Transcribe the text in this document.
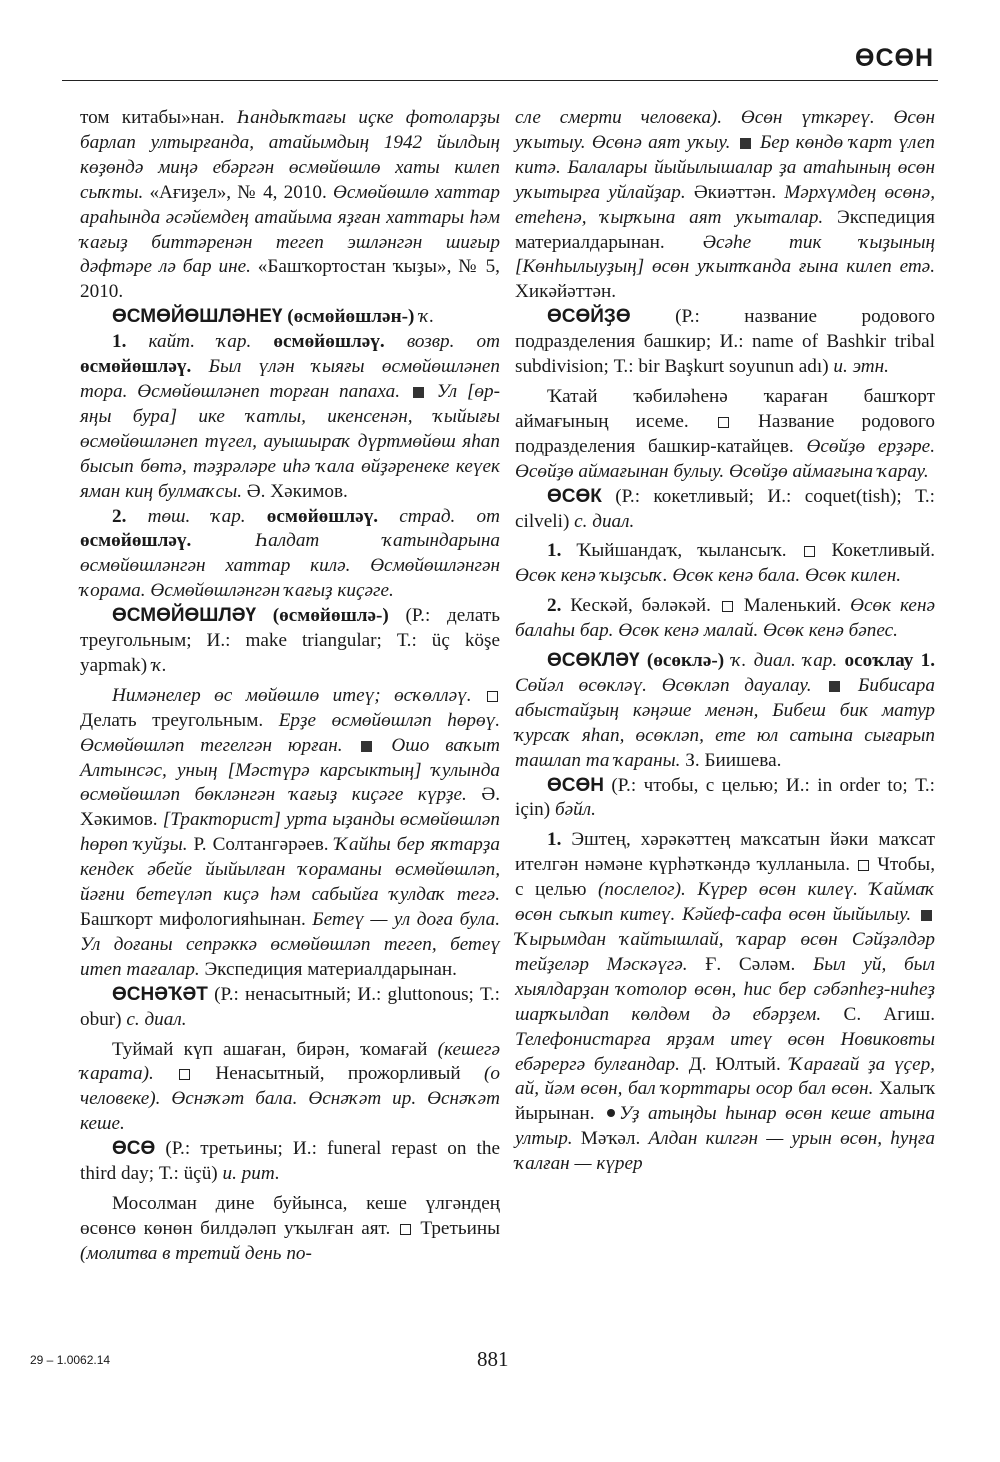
ӨСӨН

том китабы»нан. Һандыҡтағы иҫке фотоларҙы барлап ултырғанда, атайымдың 1942 йылдың көҙөндә миңә ебәргән өсмөйөшлө хаты килеп сыҡты. «Ағиҙел», № 4, 2010. Өсмөйөшлө хаттар араһында әсәйемдең атайыма яҙған хаттары һәм ҡағыҙ биттәренән тегеп эшләнгән шиғыр дәфтәре лә бар ине. «Башҡортостан ҡыҙы», № 5, 2010.

ӨСМӨЙӨШЛӘНЕҮ (өсмөйөшлән-) ҡ.

1. кайт. ҡар. өсмөйөшләү. возвр. от өсмөйөшләү. Был үлән ҡыяғы өсмөйөшләнеп тора. Өсмөйөшләнеп торған папаха.  Ул [өр-яңы бура] ике ҡатлы, икенсенән, ҡыйығы өсмөйөшләнеп түгел, ауышыраҡ дүртмөйөш яһап бысып бөтә, тәҙрәләре иһә ҡала өйҙәренеке кеүек яман киң булмаҡсы. Ә. Хәкимов.

2. төш. ҡар. өсмөйөшләү. страд. от өсмөйөшләү. Һалдат ҡатындарына өсмөйөшләнгән хаттар килә. Өсмөйөшләнгән ҡорама. Өсмөйөшләнгән ҡағыҙ киҫәге.

ӨСМӨЙӨШЛӘҮ (өсмөйөшлә-) (Р.: делать треугольным; И.: make triangular; Т.: üç köşe yapmak) ҡ.

Нимәнелер өс мөйөшлө итеү; өсҡөлләү.  Делать треугольным. Ерҙе өсмөйөшләп һөрөү. Өсмөйөшләп тегелгән юрған.  Ошо ваҡыт Алтынсәс, уның [Мәстүрә карсыктың] ҡулында өсмөйөшләп бөкләнгән ҡағыҙ киҫәге күрҙе. Ә. Хәкимов. [Тракторист] урта ыҙанды өсмөйөшләп һөрөп ҡуйҙы. Р. Солтангәрәев. Ҡайһы бер яҡтарҙа кендек әбейе йыйылған ҡораманы өсмөйөшләп, йәғни бетеүләп киҫә һәм сабыйға ҡулдаҡ тегә. Башҡорт мифологияһынан. Бетеү — ул доға була. Ул доғаны сепрәккә өсмөйөшләп тегеп, бетеү итеп тағалар. Экспедиция материалдарынан.

ӨСНӘҠӘТ (Р.: ненасытный; И.: gluttonous; Т.: obur) с. диал.

Туймай күп ашаған, бирән, ҡомағай (кешегә ҡарата).  Ненасытный, прожорливый (о человеке). Өснәҡәт бала. Өснәҡәт ир. Өснәҡәт кеше.

ӨСӨ (Р.: третьины; И.: funeral repast on the third day; Т.: üçü) и. рит.

Мосолман дине буйынса, кеше үлгәндең өсөнсө көнөн билдәләп уҡылған аят.  Третьины (молитва в третий день по-

сле смерти человека). Өсөн үткәреү. Өсөн уҡытыу. Өсөнә аят уҡыу.  Бер көндө ҡарт үлеп китә. Балалары йыйылышалар ҙа атаһының өсөн уҡытырға уйлайҙар. Әкиәттән. Мәрхүмдең өсөнә, етеһенә, ҡырҡына аят уҡыталар. Экспедиция материалдарынан. Әсәһе тик ҡыҙының [Көнһылыуҙың] өсөн уҡытҡанда ғына килеп етә. Хикәйәттән.

ӨСӨЙҘӨ (Р.: название родового подразделения башкир; И.: name of Bashkir tribal subdivision; Т.: bir Başkurt soyunun adı) и. этн.

Ҡатай ҡәбиләһенә ҡараған башҡорт аймағының исеме.  Название родового подразделения башкир-катайцев. Өсөйҙө ерҙәре. Өсөйҙө аймағынан булыу. Өсөйҙө аймағына ҡарау.

ӨСӨК (Р.: кокетливый; И.: coquet(tish); Т.: cilveli) с. диал.

1. Ҡыйшандаҡ, ҡылансыҡ.  Кокетливый. Өсөк кенә ҡыҙсыҡ. Өсөк кенә бала. Өсөк килен.

2. Кескәй, бәләкәй.  Маленький. Өсөк кенә балаһы бар. Өсөк кенә малай. Өсөк кенә бәпес.

ӨСӨКЛӘҮ (өсөклә-) ҡ. диал. ҡар. осоҡлау 1. Сөйәл өсөкләү. Өсөкләп дауалау.  Бибисара абыстайҙың кәңәше менән, Бибеш бик матур ҡурсаҡ яһап, өсөкләп, ете юл сатына сығарып ташлап та ҡараны. З. Биишева.

ӨСӨН (Р.: чтобы, с целью; И.: in order to; Т.: için) бәйл.

1. Эштең, хәрәкәттең маҡсатын йәки маҡсат ителгән нәмәне күрһәткәндә ҡулланыла.  Чтобы, с целью (послелог). Күрер өсөн килеү. Ҡаймаҡ өсөн сыҡып китеү. Кәйеф-сафа өсөн йыйылыу.  Ҡырымдан ҡайтышлай, ҡарар өсөн Сәйҙәлдәр тейҙеләр Мәскәүгә. Ғ. Сәләм. Был уй, был хыялдарҙан ҡотолор өсөн, һис бер сәбәпһеҙ-ниһеҙ шарҡылдап көлдөм дә ебәрҙем. С. Агиш. Телефонистарға ярҙам итеү өсөн Новиковты ебәрергә булғандар. Д. Юлтый. Ҡарағай ҙа үҫер, ай, йәм өсөн, бал ҡорттары осор бал өсөн. Халыҡ йырынан. Уҙ атыңды һынар өсөн кеше атына ултыр. Мәҡәл. Алдан килгән — урын өсөн, һуңға ҡалған — күрер

29 – 1.0062.14	881
